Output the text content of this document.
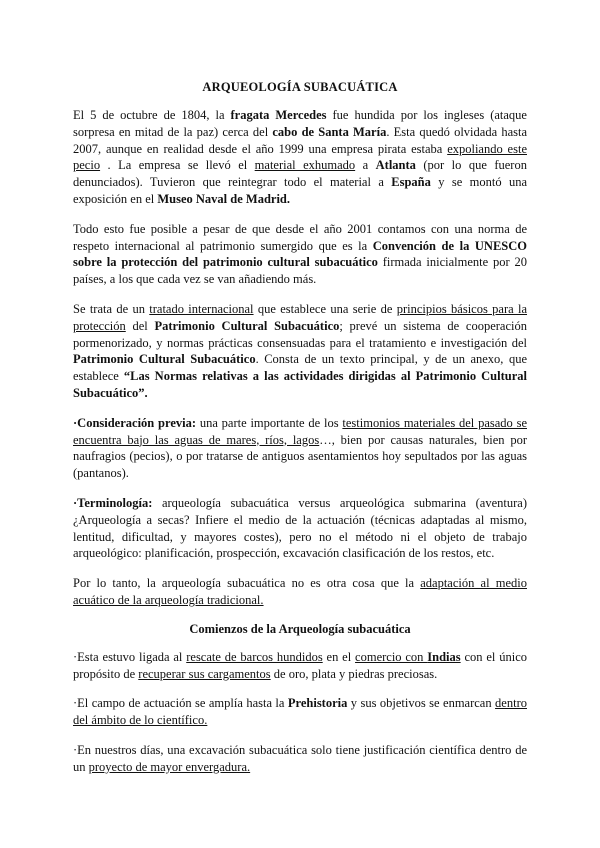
ARQUEOLOGÍA SUBACUÁTICA

El 5 de octubre de 1804, la fragata Mercedes fue hundida por los ingleses (ataque sorpresa en mitad de la paz) cerca del cabo de Santa María. Esta quedó olvidada hasta 2007, aunque en realidad desde el año 1999 una empresa pirata estaba expoliando este pecio . La empresa se llevó el material exhumado a Atlanta (por lo que fueron denunciados). Tuvieron que reintegrar todo el material a España y se montó una exposición en el Museo Naval de Madrid.

Todo esto fue posible a pesar de que desde el año 2001 contamos con una norma de respeto internacional al patrimonio sumergido que es la Convención de la UNESCO sobre la protección del patrimonio cultural subacuático firmada inicialmente por 20 países, a los que cada vez se van añadiendo más.

Se trata de un tratado internacional que establece una serie de principios básicos para la protección del Patrimonio Cultural Subacuático; prevé un sistema de cooperación pormenorizado, y normas prácticas consensuadas para el tratamiento e investigación del Patrimonio Cultural Subacuático. Consta de un texto principal, y de un anexo, que establece “Las Normas relativas a las actividades dirigidas al Patrimonio Cultural Subacuático”.

·Consideración previa: una parte importante de los testimonios materiales del pasado se encuentra bajo las aguas de mares, ríos, lagos…, bien por causas naturales, bien por naufragios (pecios), o por tratarse de antiguos asentamientos hoy sepultados por las aguas (pantanos).

·Terminología: arqueología subacuática versus arqueológica submarina (aventura) ¿Arqueología a secas? Infiere el medio de la actuación (técnicas adaptadas al mismo, lentitud, dificultad, y mayores costes), pero no el método ni el objeto de trabajo arqueológico: planificación, prospección, excavación clasificación de los restos, etc.

Por lo tanto, la arqueología subacuática no es otra cosa que la adaptación al medio acuático de la arqueología tradicional.

Comienzos de la Arqueología subacuática

·Esta estuvo ligada al rescate de barcos hundidos en el comercio con Indias con el único propósito de recuperar sus cargamentos de oro, plata y piedras preciosas.

·El campo de actuación se amplía hasta la Prehistoria y sus objetivos se enmarcan dentro del ámbito de lo científico.

·En nuestros días, una excavación subacuática solo tiene justificación científica dentro de un proyecto de mayor envergadura.
